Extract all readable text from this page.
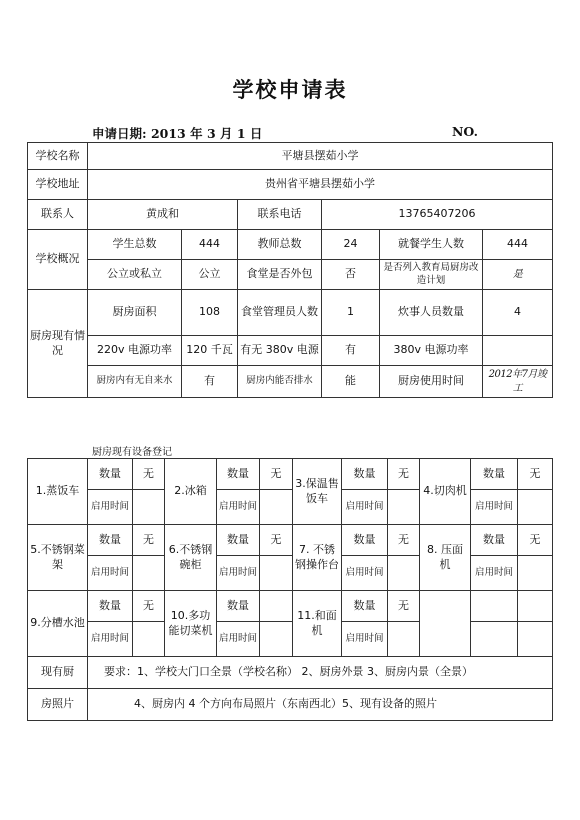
学校申请表
申请日期: 2013 年 3 月 1 日	NO.
学校名称	平塘县摆茹小学					
学校地址	贵州省平塘县摆茹小学					
联系人	黄成和		联系电话	13765407206		
学校概况	学生总数	444	教师总数	24	就餐学生人数	444
	公立或私立	公立	食堂是否外包	否	是否列入教育局厨房改造计划	是
厨房现有情况	厨房面积	108	食堂管理员人数	1	炊事人员数量	4
	220v 电源功率	120 千瓦	有无 380v 电源	有	380v 电源功率	
	厨房内有无自来水	有	厨房内能否排水	能	厨房使用时间	2012年7月竣工
厨房现有设备登记
1.蒸饭车	数量	无	2.冰箱	数量	无	3.保温售饭车	数量	无	4.切肉机	数量	无
	启用时间			启用时间			启用时间			启用时间	
5.不锈钢菜架	数量	无	6.不锈钢碗柜	数量	无	7. 不锈钢操作台	数量	无	8. 压面机	数量	无
	启用时间			启用时间			启用时间			启用时间	
9.分槽水池	数量	无	10.多功能切菜机	数量		11.和面机	数量	无			
	启用时间			启用时间			启用时间				
现有厨	要求：1、学校大门口全景（学校名称） 2、厨房外景 3、厨房内景（全景）
房照片	4、厨房内 4 个方向布局照片（东南西北）5、现有设备的照片
